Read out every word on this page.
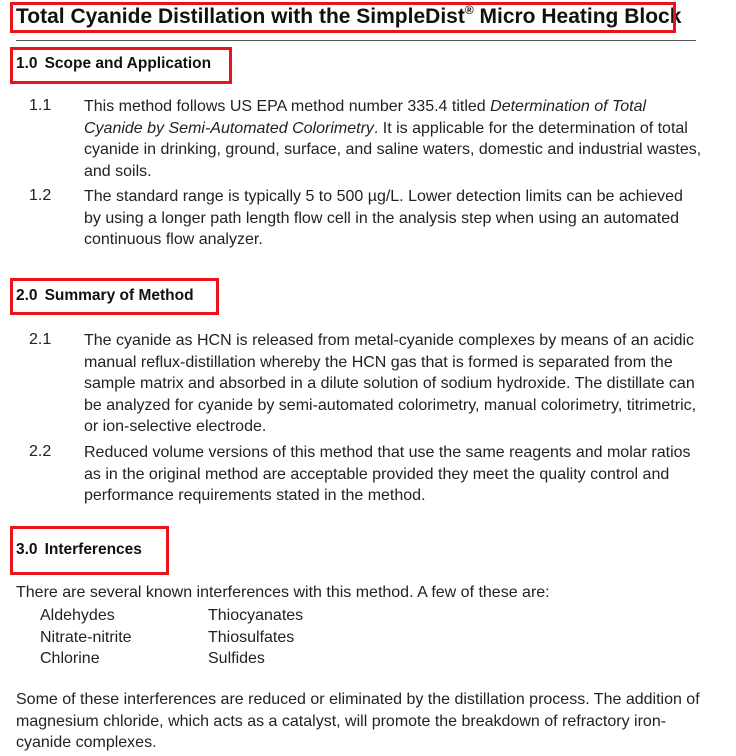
Total Cyanide Distillation with the SimpleDist® Micro Heating Block
1.0 Scope and Application
1.1 This method follows US EPA method number 335.4 titled Determination of Total Cyanide by Semi-Automated Colorimetry. It is applicable for the determination of total cyanide in drinking, ground, surface, and saline waters, domestic and industrial wastes, and soils.
1.2 The standard range is typically 5 to 500 µg/L. Lower detection limits can be achieved by using a longer path length flow cell in the analysis step when using an automated continuous flow analyzer.
2.0 Summary of Method
2.1 The cyanide as HCN is released from metal-cyanide complexes by means of an acidic manual reflux-distillation whereby the HCN gas that is formed is separated from the sample matrix and absorbed in a dilute solution of sodium hydroxide. The distillate can be analyzed for cyanide by semi-automated colorimetry, manual colorimetry, titrimetric, or ion-selective electrode.
2.2 Reduced volume versions of this method that use the same reagents and molar ratios as in the original method are acceptable provided they meet the quality control and performance requirements stated in the method.
3.0 Interferences
There are several known interferences with this method. A few of these are:
Aldehydes
Nitrate-nitrite
Chlorine
Thiocyanates
Thiosulfates
Sulfides
Some of these interferences are reduced or eliminated by the distillation process. The addition of magnesium chloride, which acts as a catalyst, will promote the breakdown of refractory iron-cyanide complexes.
